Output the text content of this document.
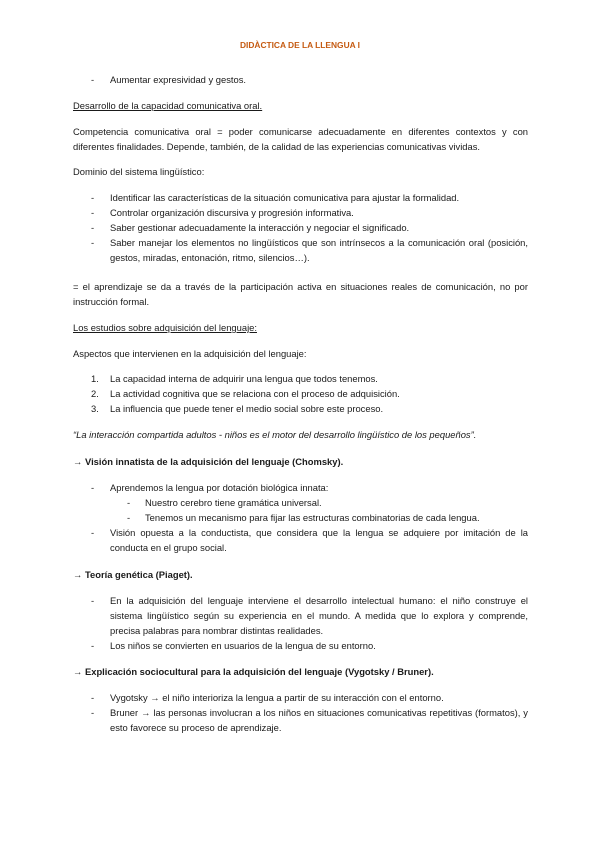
DIDÀCTICA DE LA LLENGUA I
- Aumentar expresividad y gestos.
Desarrollo de la capacidad comunicativa oral.
Competencia comunicativa oral = poder comunicarse adecuadamente en diferentes contextos y con diferentes finalidades. Depende, también, de la calidad de las experiencias comunicativas vividas.
Dominio del sistema lingüístico:
- Identificar las características de la situación comunicativa para ajustar la formalidad.
- Controlar organización discursiva y progresión informativa.
- Saber gestionar adecuadamente la interacción y negociar el significado.
- Saber manejar los elementos no lingüísticos que son intrínsecos a la comunicación oral (posición, gestos, miradas, entonación, ritmo, silencios…).
= el aprendizaje se da a través de la participación activa en situaciones reales de comunicación, no por instrucción formal.
Los estudios sobre adquisición del lenguaje:
Aspectos que intervienen en la adquisición del lenguaje:
1. La capacidad interna de adquirir una lengua que todos tenemos.
2. La actividad cognitiva que se relaciona con el proceso de adquisición.
3. La influencia que puede tener el medio social sobre este proceso.
“La interacción compartida adultos - niños es el motor del desarrollo lingüístico de los pequeños”.
→ Visión innatista de la adquisición del lenguaje (Chomsky).
- Aprendemos la lengua por dotación biológica innata:
- Nuestro cerebro tiene gramática universal.
- Tenemos un mecanismo para fijar las estructuras combinatorias de cada lengua.
- Visión opuesta a la conductista, que considera que la lengua se adquiere por imitación de la conducta en el grupo social.
→ Teoría genética (Piaget).
- En la adquisición del lenguaje interviene el desarrollo intelectual humano: el niño construye el sistema lingüístico según su experiencia en el mundo. A medida que lo explora y comprende, precisa palabras para nombrar distintas realidades.
- Los niños se convierten en usuarios de la lengua de su entorno.
→ Explicación sociocultural para la adquisición del lenguaje (Vygotsky / Bruner).
- Vygotsky → el niño interioriza la lengua a partir de su interacción con el entorno.
- Bruner → las personas involucran a los niños en situaciones comunicativas repetitivas (formatos), y esto favorece su proceso de aprendizaje.
